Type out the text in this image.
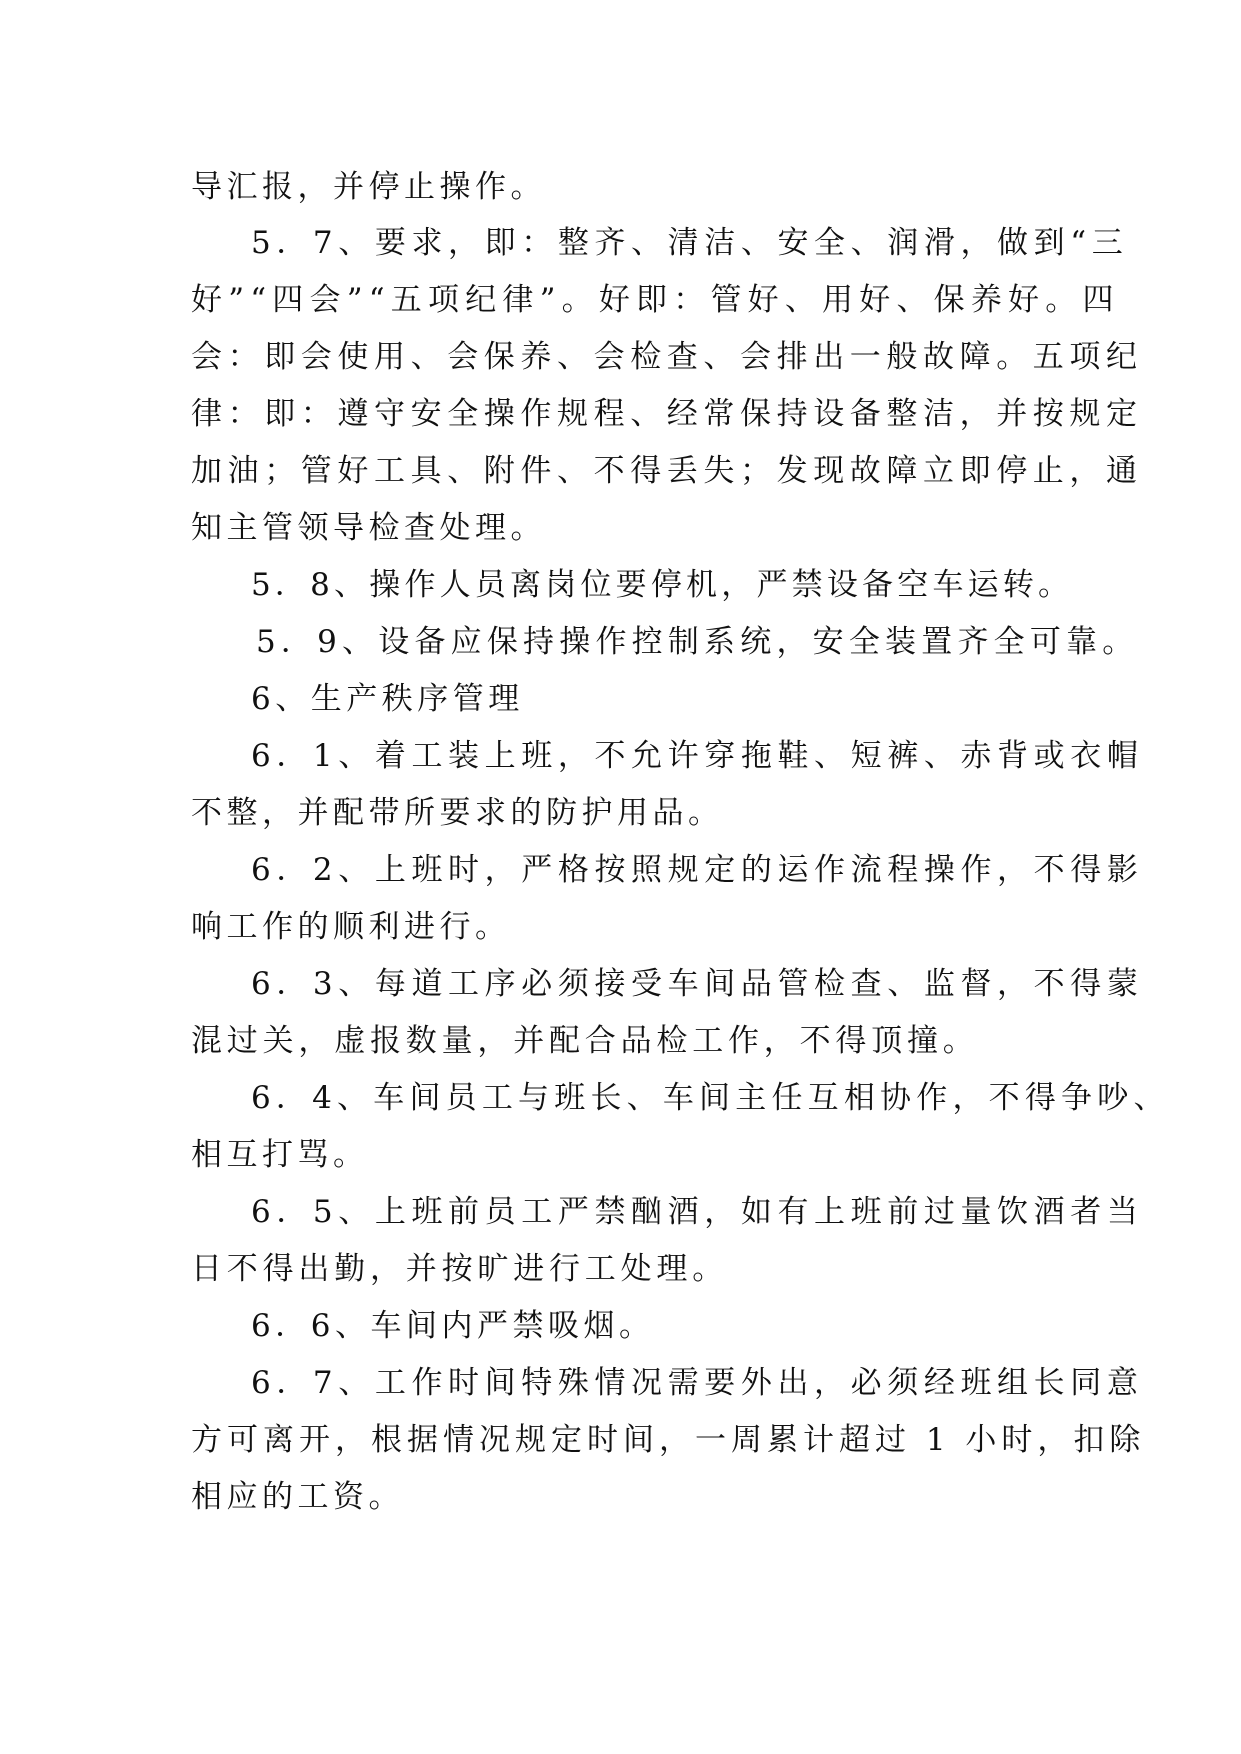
导汇报，并停止操作。
5．7、要求，即：整齐、清洁、安全、润滑，做到“三
好”“四会”“五项纪律”。好即：管好、用好、保养好。四
会：即会使用、会保养、会检查、会排出一般故障。五项纪
律：即：遵守安全操作规程、经常保持设备整洁，并按规定
加油；管好工具、附件、不得丢失；发现故障立即停止，通
知主管领导检查处理。
5．8、操作人员离岗位要停机，严禁设备空车运转。
5．9、设备应保持操作控制系统，安全装置齐全可靠。
6、生产秩序管理
6．1、着工装上班，不允许穿拖鞋、短裤、赤背或衣帽
不整，并配带所要求的防护用品。
6．2、上班时，严格按照规定的运作流程操作，不得影
响工作的顺利进行。
6．3、每道工序必须接受车间品管检查、监督，不得蒙
混过关，虚报数量，并配合品检工作，不得顶撞。
6．4、车间员工与班长、车间主任互相协作，不得争吵、
相互打骂。
6．5、上班前员工严禁酗酒，如有上班前过量饮酒者当
日不得出勤，并按旷进行工处理。
6．6、车间内严禁吸烟。
6．7、工作时间特殊情况需要外出，必须经班组长同意
方可离开，根据情况规定时间，一周累计超过 1 小时，扣除
相应的工资。
